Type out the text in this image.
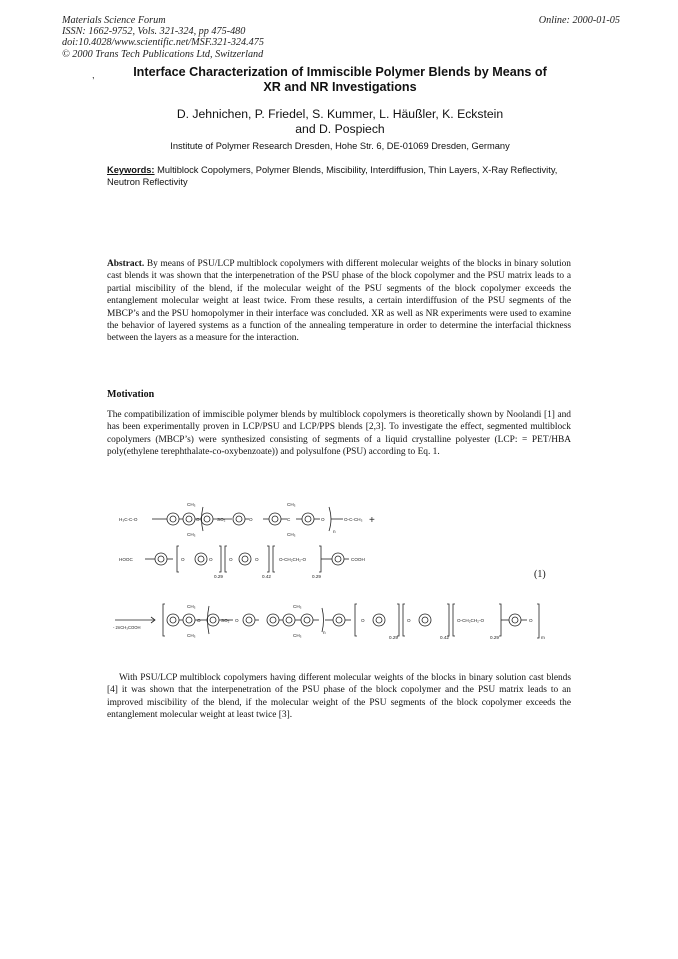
Materials Science Forum
ISSN: 1662-9752, Vols. 321-324, pp 475-480
doi:10.4028/www.scientific.net/MSF.321-324.475
© 2000 Trans Tech Publications Ltd, Switzerland
Online: 2000-01-05
,	Interface Characterization of Immiscible Polymer Blends by Means of
XR and NR Investigations
D. Jehnichen, P. Friedel, S. Kummer, L. Häußler, K. Eckstein
and D. Pospiech
Institute of Polymer Research Dresden, Hohe Str. 6, DE-01069 Dresden, Germany
Keywords: Multiblock Copolymers, Polymer Blends, Miscibility, Interdiffusion, Thin Layers, X-Ray Reflectivity, Neutron Reflectivity
Abstract. By means of PSU/LCP multiblock copolymers with different molecular weights of the blocks in binary solution cast blends it was shown that the interpenetration of the PSU phase of the block copolymer and the PSU matrix leads to a partial miscibility of the blend, if the molecular weight of the PSU segments of the block copolymer exceeds the entanglement molecular weight at least twice. From these results, a certain interdiffusion of the PSU segments of the MBCP’s and the PSU homopolymer in their interface was concluded. XR as well as NR experiments were used to examine the behavior of layered systems as a function of the annealing temperature in order to determine the interfacial thickness between the layers as a measure for the interaction.
Motivation
The compatibilization of immiscible polymer blends by multiblock copolymers is theoretically shown by Noolandi [1] and has been experimentally proven in LCP/PSU and LCP/PPS blends [2,3]. To investigate the effect, segmented multiblock copolymers (MBCP’s) were synthesized consisting of segments of a liquid crystalline polyester (LCP: = PET/HBA poly(ethylene terephthalate-co-oxybenzoate)) and polysulfone (PSU) according to Eq. 1.
H₃C-C-O
CH₃
CH₃
O	SO₂	O
CH₃
CH₃
C	O
n
O-C-CH₃ +
HOOC	O	O
0.29
O	O
0.42
O-CH₂CH₂-O
0.29
COOH
- 2nCH₃COOH
CH₃
CH₃
O	SO₂ O
CH₃
CH₃
n
O
0.29
O
0.42
O-CH₂CH₂-O
0.29
O
m
(1)
With PSU/LCP multiblock copolymers having different molecular weights of the blocks in binary solution cast blends [4] it was shown that the interpenetration of the PSU phase of the block copolymer and the PSU matrix leads to an improved miscibility of the blend, if the molecular weight of the PSU segments of the block copolymer exceeds the entanglement molecular weight at least twice [3].
